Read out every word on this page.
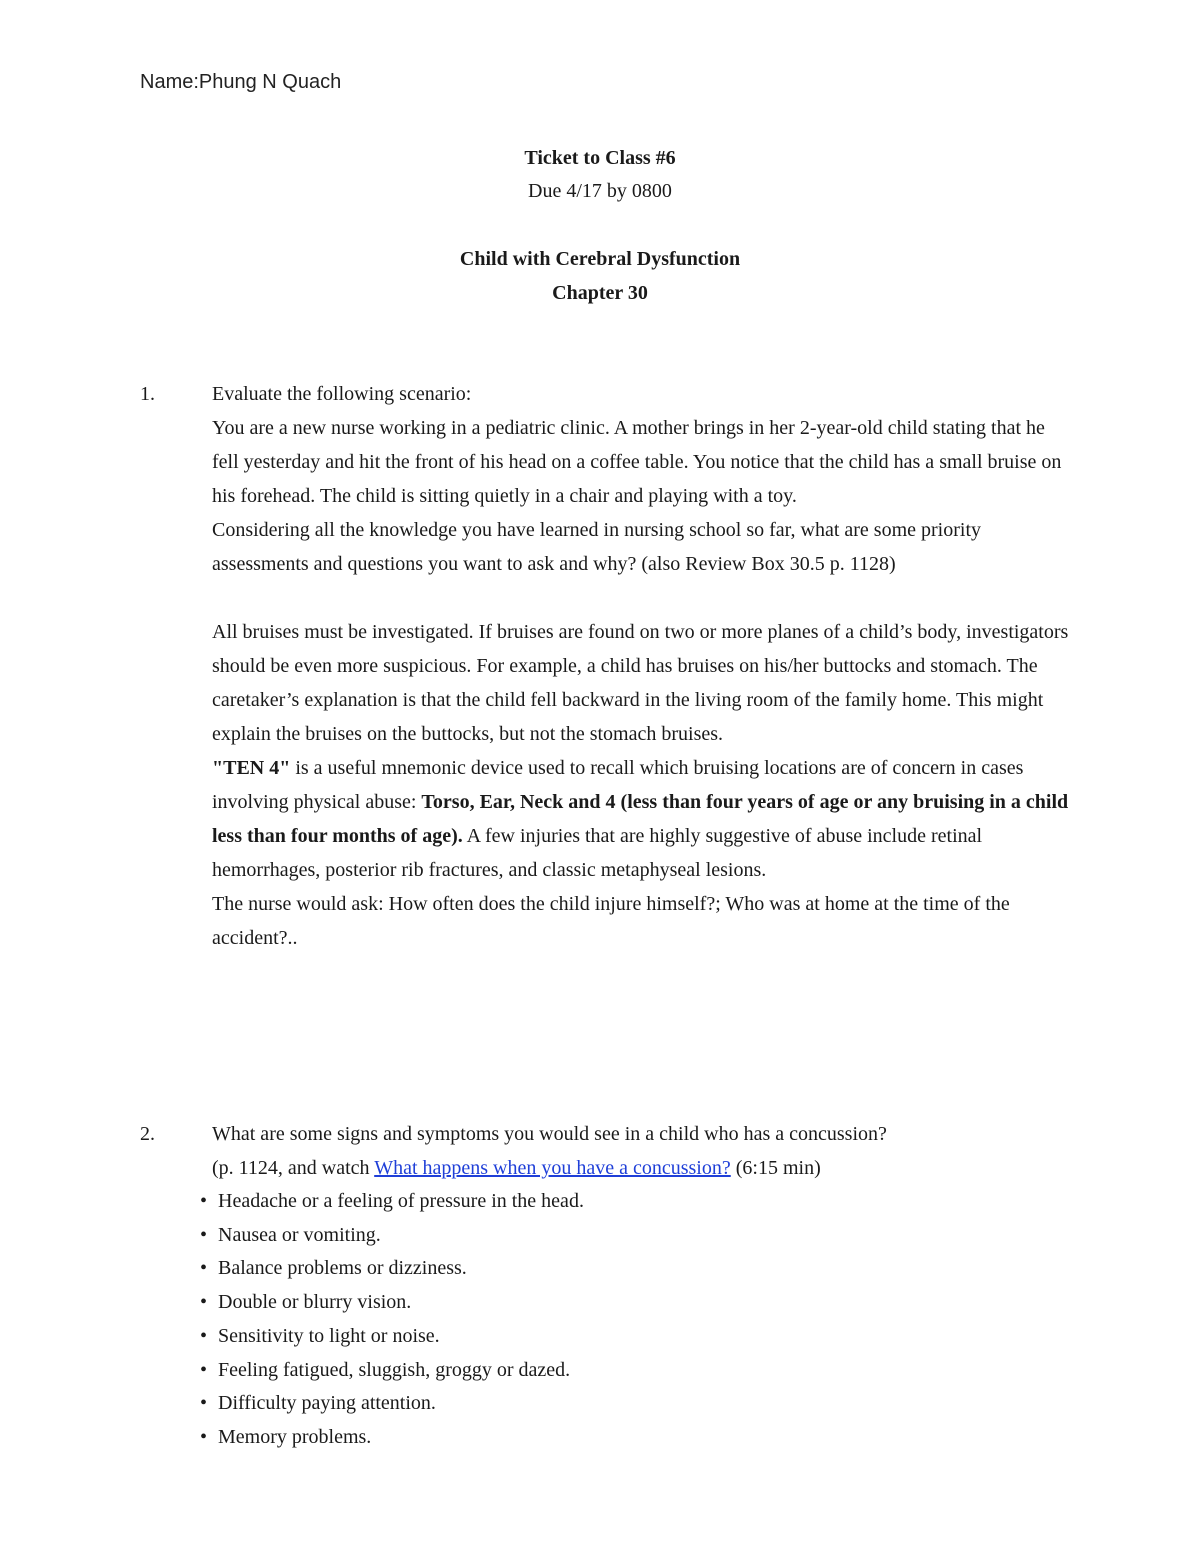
Name:Phung N Quach
Ticket to Class #6
Due 4/17 by 0800
Child with Cerebral Dysfunction
Chapter 30
1.	Evaluate the following scenario:

You are a new nurse working in a pediatric clinic. A mother brings in her 2-year-old child stating that he fell yesterday and hit the front of his head on a coffee table. You notice that the child has a small bruise on his forehead. The child is sitting quietly in a chair and playing with a toy.

Considering all the knowledge you have learned in nursing school so far, what are some priority assessments and questions you want to ask and why? (also Review Box 30.5 p. 1128)

All bruises must be investigated. If bruises are found on two or more planes of a child’s body, investigators should be even more suspicious. For example, a child has bruises on his/her buttocks and stomach. The caretaker’s explanation is that the child fell backward in the living room of the family home. This might explain the bruises on the buttocks, but not the stomach bruises.

"TEN 4" is a useful mnemonic device used to recall which bruising locations are of concern in cases involving physical abuse: Torso, Ear, Neck and 4 (less than four years of age or any bruising in a child less than four months of age). A few injuries that are highly suggestive of abuse include retinal hemorrhages, posterior rib fractures, and classic metaphyseal lesions.

The nurse would ask: How often does the child injure himself?; Who was at home at the time of the accident?..

2.	What are some signs and symptoms you would see in a child who has a concussion?

(p. 1124, and watch What happens when you have a concussion? (6:15 min)

• Headache or a feeling of pressure in the head.
• Nausea or vomiting.
• Balance problems or dizziness.
• Double or blurry vision.
• Sensitivity to light or noise.
• Feeling fatigued, sluggish, groggy or dazed.
• Difficulty paying attention.
• Memory problems.
